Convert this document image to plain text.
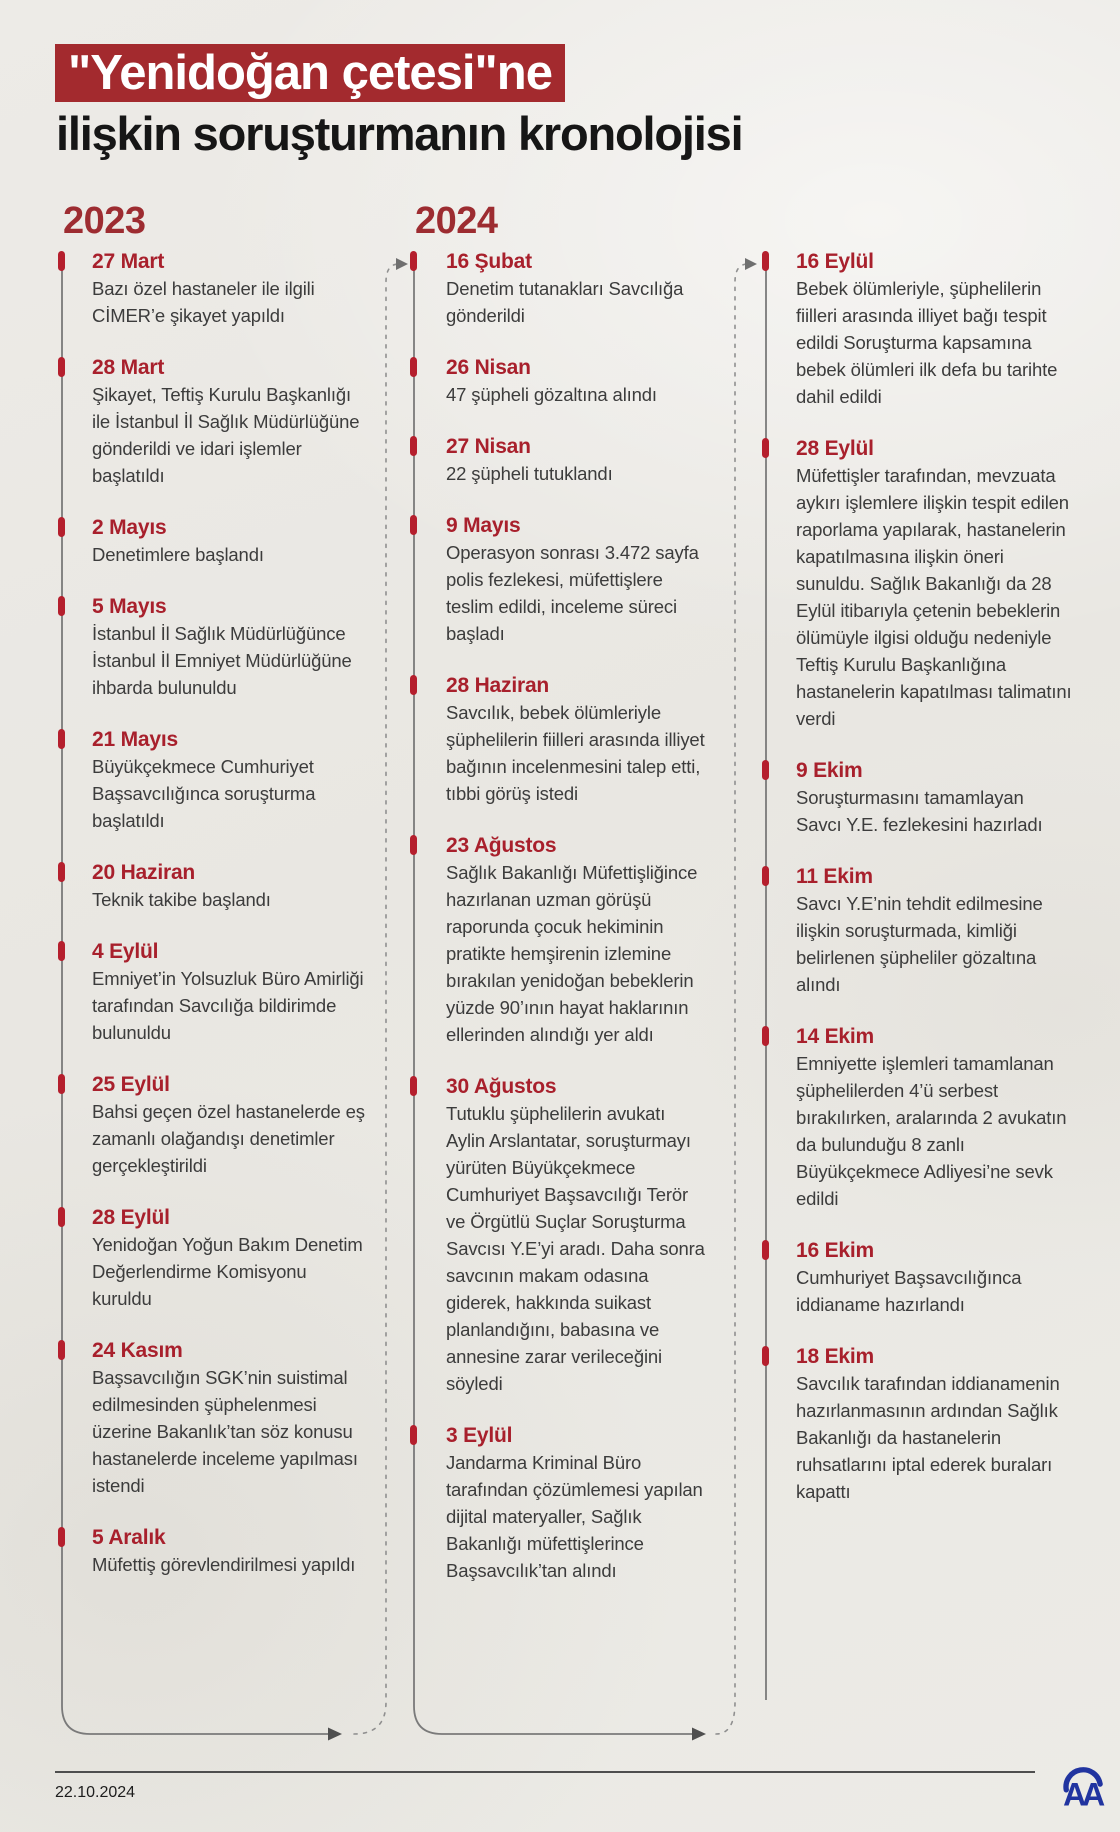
"Yenidoğan çetesi"ne
ilişkin soruşturmanın kronolojisi
2023	2024
27 Mart

Bazı özel hastaneler ile ilgili CİMER’e şikayet yapıldı

28 Mart

Şikayet, Teftiş Kurulu Başkanlığı ile İstanbul İl Sağlık Müdürlüğüne gönderildi ve idari işlemler başlatıldı

2 Mayıs

Denetimlere başlandı

5 Mayıs

İstanbul İl Sağlık Müdürlüğünce İstanbul İl Emniyet Müdürlüğüne ihbarda bulunuldu

21 Mayıs

Büyükçekmece Cumhuriyet Başsavcılığınca soruşturma başlatıldı

20 Haziran

Teknik takibe başlandı

4 Eylül

Emniyet’in Yolsuzluk Büro Amirliği tarafından Savcılığa bildirimde bulunuldu

25 Eylül

Bahsi geçen özel hastanelerde eş zamanlı olağandışı denetimler gerçekleştirildi

28 Eylül

Yenidoğan Yoğun Bakım Denetim Değerlendirme Komisyonu kuruldu

24 Kasım

Başsavcılığın SGK’nin suistimal edilmesinden şüphelenmesi üzerine Bakanlık’tan söz konusu hastanelerde inceleme yapılması istendi

5 Aralık

Müfettiş görevlendirilmesi yapıldı

16 Şubat

Denetim tutanakları Savcılığa gönderildi

26 Nisan

47 şüpheli gözaltına alındı

27 Nisan

22 şüpheli tutuklandı

9 Mayıs

Operasyon sonrası 3.472 sayfa polis fezlekesi, müfettişlere teslim edildi, inceleme süreci başladı

28 Haziran

Savcılık, bebek ölümleriyle şüphelilerin fiilleri arasında illiyet bağının incelenmesini talep etti, tıbbi görüş istedi

23 Ağustos

Sağlık Bakanlığı Müfettişliğince hazırlanan uzman görüşü raporunda çocuk hekiminin pratikte hemşirenin izlemine bırakılan yenidoğan bebeklerin yüzde 90’ının hayat haklarının ellerinden alındığı yer aldı

30 Ağustos

Tutuklu şüphelilerin avukatı Aylin Arslantatar, soruşturmayı yürüten Büyükçekmece Cumhuriyet Başsavcılığı Terör ve Örgütlü Suçlar Soruşturma Savcısı Y.E’yi aradı. Daha sonra savcının makam odasına giderek, hakkında suikast planlandığını, babasına ve annesine zarar verileceğini söyledi

3 Eylül

Jandarma Kriminal Büro tarafından çözümlemesi yapılan dijital materyaller, Sağlık Bakanlığı müfettişlerince Başsavcılık’tan alındı

16 Eylül

Bebek ölümleriyle, şüphelilerin fiilleri arasında illiyet bağı tespit edildi Soruşturma kapsamına bebek ölümleri ilk defa bu tarihte dahil edildi

28 Eylül

Müfettişler tarafından, mevzuata aykırı işlemlere ilişkin tespit edilen raporlama yapılarak, hastanelerin kapatılmasına ilişkin öneri sunuldu. Sağlık Bakanlığı da 28 Eylül itibarıyla çetenin bebeklerin ölümüyle ilgisi olduğu nedeniyle Teftiş Kurulu Başkanlığına hastanelerin kapatılması talimatını verdi

9 Ekim

Soruşturmasını tamamlayan Savcı Y.E. fezlekesini hazırladı

11 Ekim

Savcı Y.E’nin tehdit edilmesine ilişkin soruşturmada, kimliği belirlenen şüpheliler gözaltına alındı

14 Ekim

Emniyette işlemleri tamamlanan şüphelilerden 4’ü serbest bırakılırken, aralarında 2 avukatın da bulunduğu 8 zanlı Büyükçekmece Adliyesi’ne sevk edildi

16 Ekim

Cumhuriyet Başsavcılığınca iddianame hazırlandı

18 Ekim

Savcılık tarafından iddianamenin hazırlanmasının ardından Sağlık Bakanlığı da hastanelerin ruhsatlarını iptal ederek buraları kapattı

22.10.2024	AA
